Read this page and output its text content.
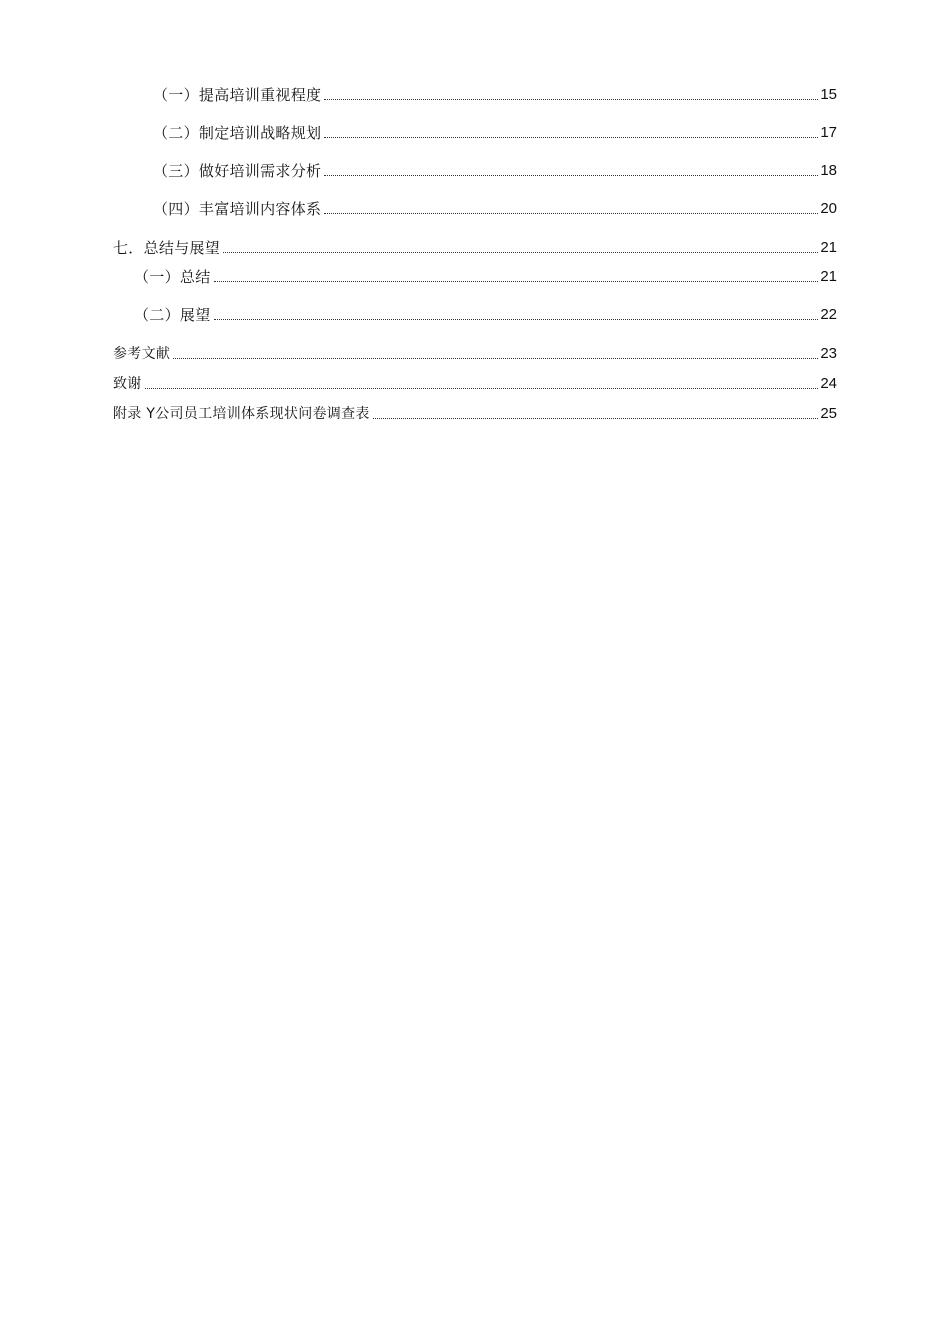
（一）提高培训重视程度	15
（二）制定培训战略规划	17
（三）做好培训需求分析	18
（四）丰富培训内容体系	20
七．总结与展望	21
（一）总结	21
（二）展望	22
参考文献	23
致谢	24
附录 Y公司员工培训体系现状问卷调查表	25
